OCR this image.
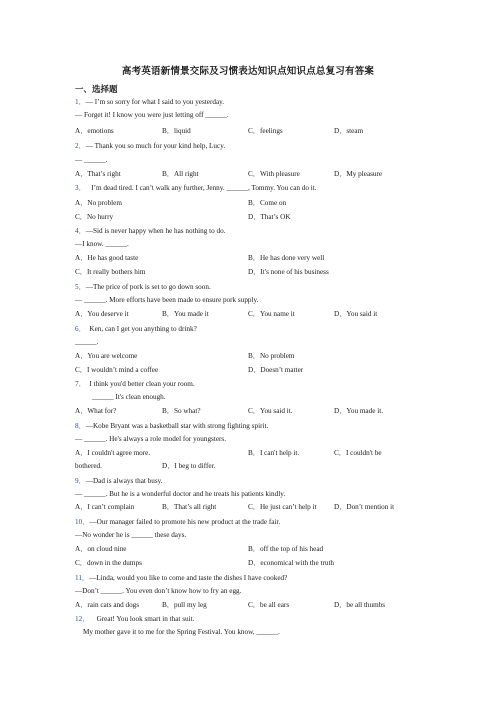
高考英语新情景交际及习惯表达知识点知识点总复习有答案
一、选择题
1．— I’m so sorry for what I said to you yesterday.
— Forget it! I know you were just letting off ______.
A．emotions	B．liquid	C．feelings	D．steam
2．— Thank you so much for your kind help, Lucy.
— ______.
A．That’s right	B．All right	C．With pleasure	D．My pleasure
3． I’m dead tired. I can’t walk any further, Jenny. ______, Tommy. You can do it.
A．No problem	B．Come on
C．No hurry	D．That’s OK
4．—Sid is never happy when he has nothing to do.
—I know. ______.
A．He has good taste	B．He has done very well
C．It really bothers him	D．It's none of his business
5．—The price of pork is set to go down soon.
— ______. More efforts have been made to ensure pork supply.
A．You deserve it	B．You made it	C．You name it	D．You said it
6． Ken, can I get you anything to drink?
______.
A．You are welcome	B．No problem
C．I wouldn’t mind a coffee	D．Doesn’t matter
7． I think you'd better clean your room.
______ It's clean enough.
A．What for?	B．So what?	C．You said it.	D．You made it.
8．—Kobe Bryant was a basketball star with strong fighting spirit.
— ______. He's always a role model for youngsters.
A．I couldn't agree more.	B．I can't help it.	C．I couldn't be
bothered.	D．I beg to differ.
9．—Dad is always that busy.
— ______. But he is a wonderful doctor and he treats his patients kindly.
A．I can’t complain	B．That’s all right	C．He just can’t help it D．Don’t mention it
10．—Our manager failed to promote his new product at the trade fair.
—No wonder he is ______ these days.
A．on cloud nine	B．off the top of his head
C．down in the dumps	D．economical with the truth
11．—Linda, would you like to come and taste the dishes I have cooked?
—Don’t ______. You even don’t know how to fry an egg.
A．rain cats and dogs	B．pull my leg	C．be all ears	D．be all thumbs
12． Great! You look smart in that suit.
My mother gave it to me for the Spring Festival. You know, ______.
